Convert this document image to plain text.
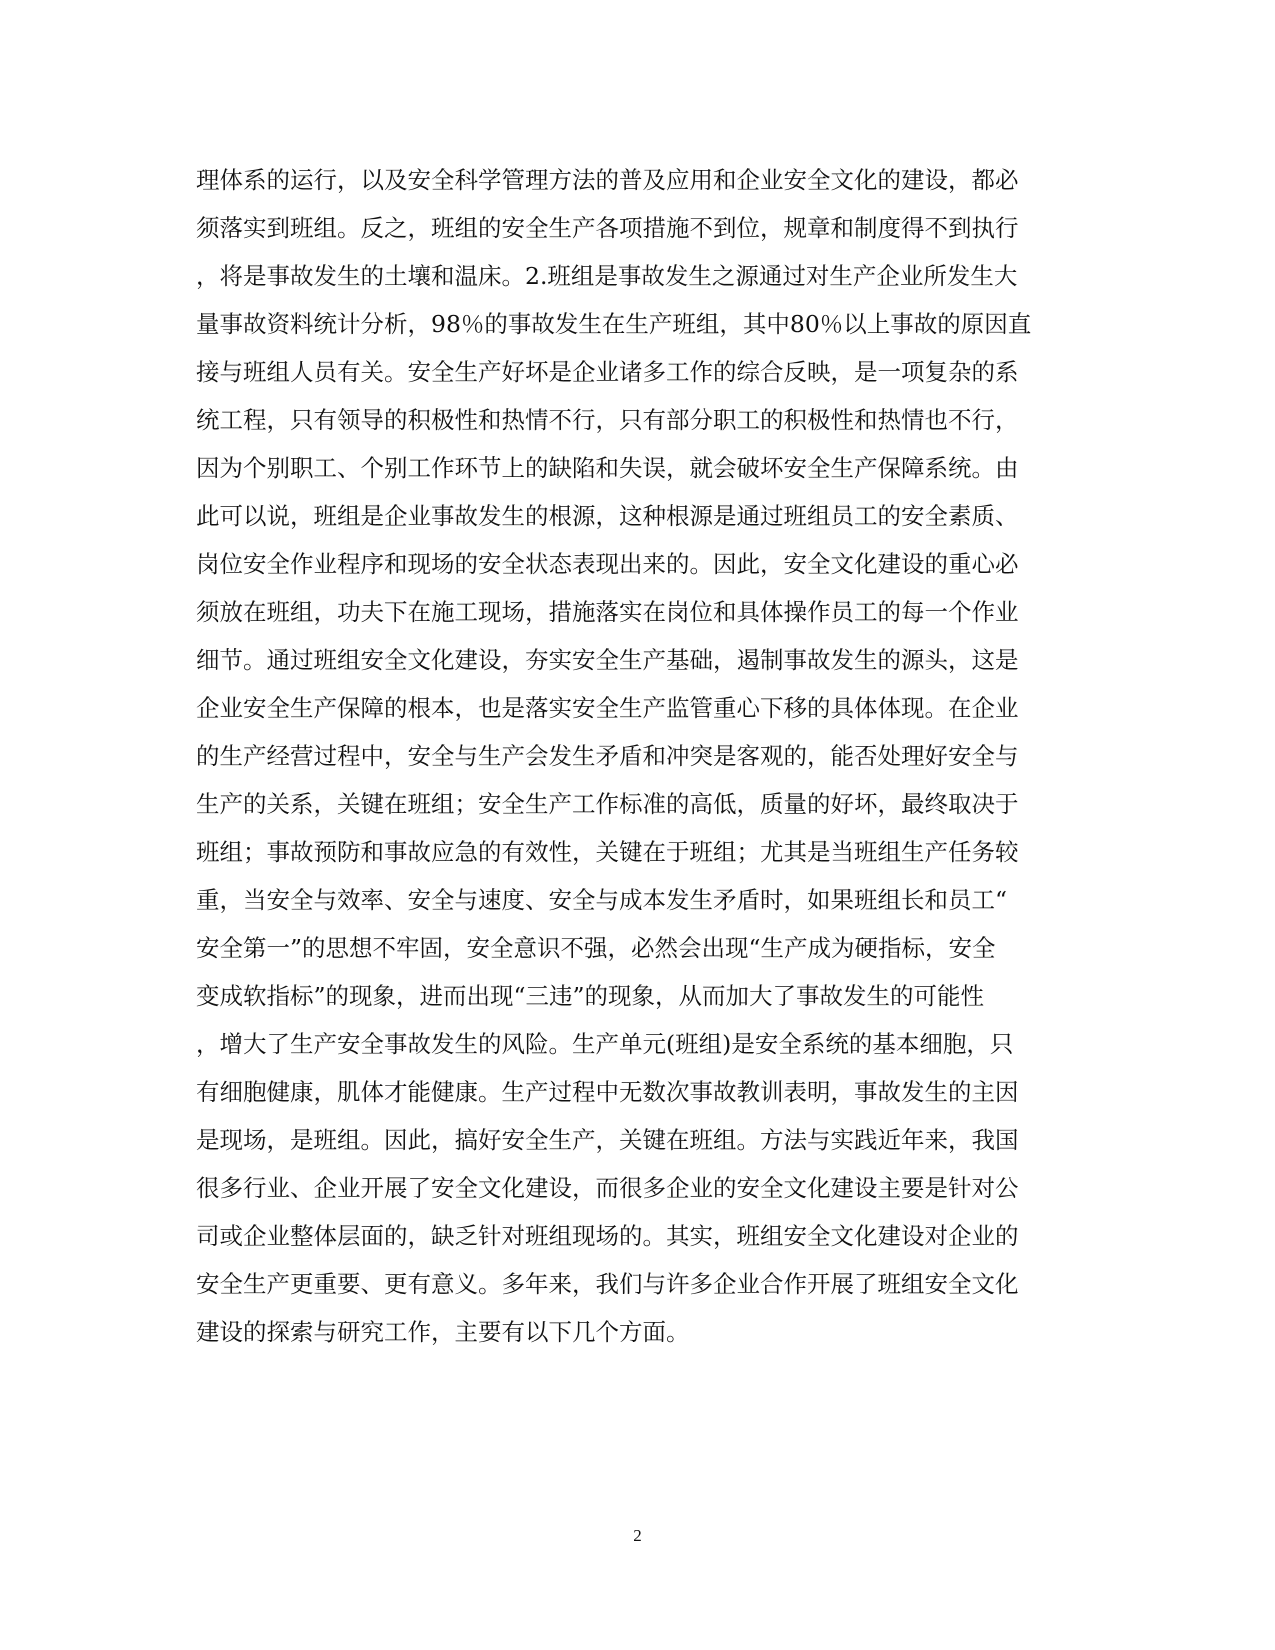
理体系的运行，以及安全科学管理方法的普及应用和企业安全文化的建设，都必
须落实到班组。反之，班组的安全生产各项措施不到位，规章和制度得不到执行
，将是事故发生的土壤和温床。2.班组是事故发生之源通过对生产企业所发生大
量事故资料统计分析，98％的事故发生在生产班组，其中80％以上事故的原因直
接与班组人员有关。安全生产好坏是企业诸多工作的综合反映，是一项复杂的系
统工程，只有领导的积极性和热情不行，只有部分职工的积极性和热情也不行，
因为个别职工、个别工作环节上的缺陷和失误，就会破坏安全生产保障系统。由
此可以说，班组是企业事故发生的根源，这种根源是通过班组员工的安全素质、
岗位安全作业程序和现场的安全状态表现出来的。因此，安全文化建设的重心必
须放在班组，功夫下在施工现场，措施落实在岗位和具体操作员工的每一个作业
细节。通过班组安全文化建设，夯实安全生产基础，遏制事故发生的源头，这是
企业安全生产保障的根本，也是落实安全生产监管重心下移的具体体现。在企业
的生产经营过程中，安全与生产会发生矛盾和冲突是客观的，能否处理好安全与
生产的关系，关键在班组；安全生产工作标准的高低，质量的好坏，最终取决于
班组；事故预防和事故应急的有效性，关键在于班组；尤其是当班组生产任务较
重，当安全与效率、安全与速度、安全与成本发生矛盾时，如果班组长和员工“
安全第一”的思想不牢固，安全意识不强，必然会出现“生产成为硬指标，安全
变成软指标”的现象，进而出现“三违”的现象，从而加大了事故发生的可能性
，增大了生产安全事故发生的风险。生产单元(班组)是安全系统的基本细胞，只
有细胞健康，肌体才能健康。生产过程中无数次事故教训表明，事故发生的主因
是现场，是班组。因此，搞好安全生产，关键在班组。方法与实践近年来，我国
很多行业、企业开展了安全文化建设，而很多企业的安全文化建设主要是针对公
司或企业整体层面的，缺乏针对班组现场的。其实，班组安全文化建设对企业的
安全生产更重要、更有意义。多年来，我们与许多企业合作开展了班组安全文化
建设的探索与研究工作，主要有以下几个方面。
2
